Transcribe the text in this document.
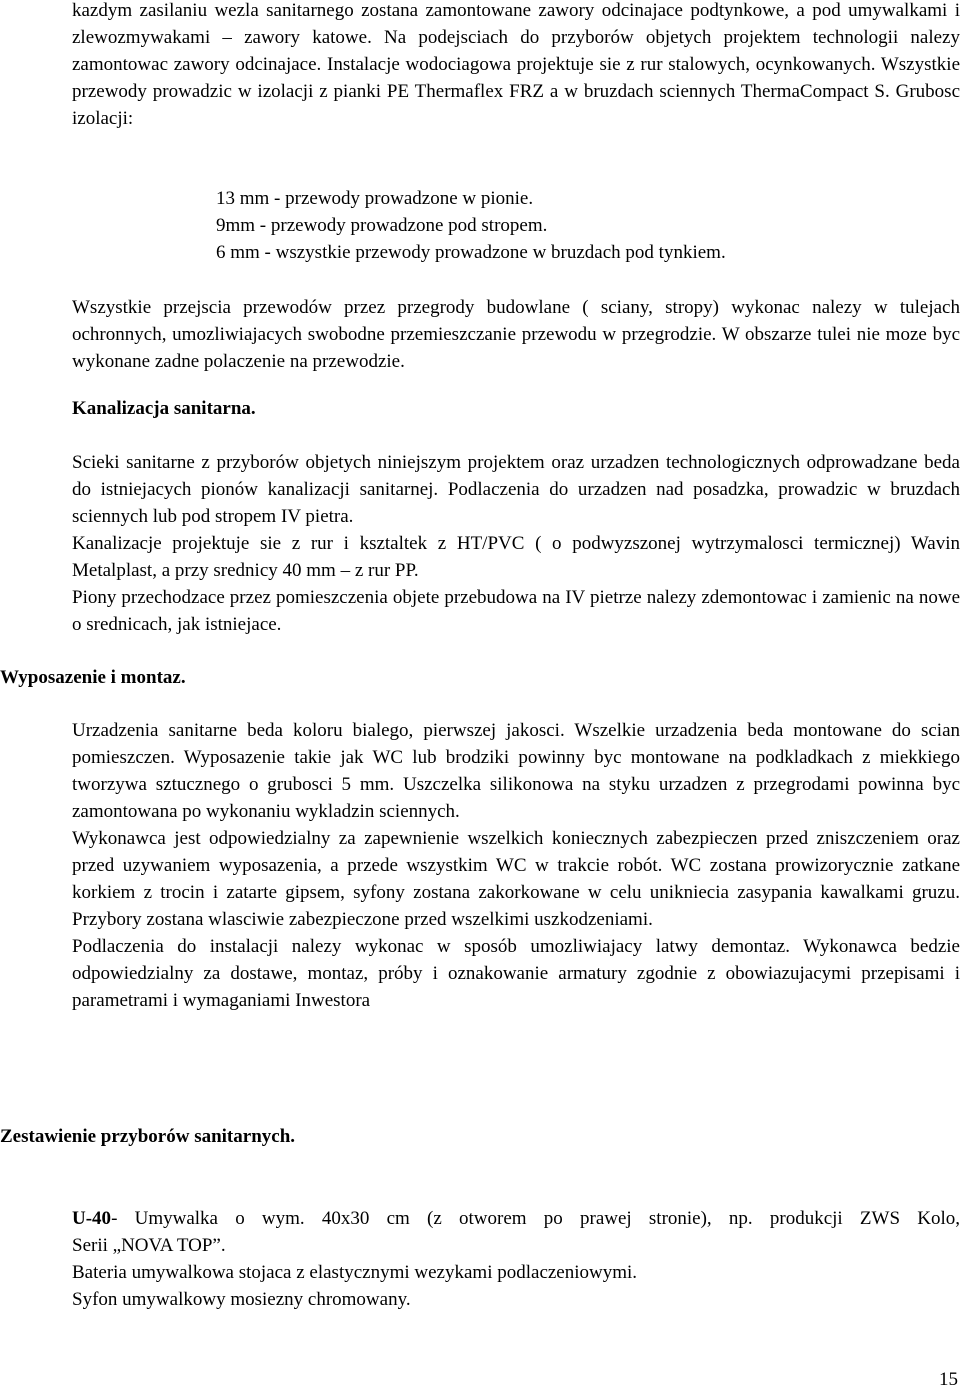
kazdym zasilaniu wezla sanitarnego zostana zamontowane zawory odcinajace podtynkowe, a pod umywalkami i zlewozmywakami – zawory katowe. Na podejsciach do przyborów objetych projektem technologii nalezy zamontowac zawory odcinajace. Instalacje wodociagowa projektuje sie z rur stalowych, ocynkowanych. Wszystkie przewody prowadzic w izolacji z pianki PE Thermaflex FRZ a w bruzdach sciennych ThermaCompact S. Grubosc izolacji:

13 mm - przewody prowadzone w pionie.
9mm - przewody prowadzone pod stropem.
6 mm - wszystkie przewody prowadzone w bruzdach pod tynkiem.

Wszystkie przejscia przewodów przez przegrody budowlane ( sciany, stropy) wykonac nalezy w tulejach ochronnych, umozliwiajacych swobodne przemieszczanie przewodu w przegrodzie. W obszarze tulei nie moze byc wykonane zadne polaczenie na przewodzie.

Kanalizacja sanitarna.

Scieki sanitarne z przyborów objetych niniejszym projektem oraz urzadzen technologicznych odprowadzane beda do istniejacych pionów kanalizacji sanitarnej. Podlaczenia do urzadzen nad posadzka, prowadzic w bruzdach sciennych lub pod stropem IV pietra.

Kanalizacje projektuje sie z rur i ksztaltek z HT/PVC ( o podwyzszonej wytrzymalosci termicznej) Wavin Metalplast, a przy srednicy 40 mm – z rur PP.

Piony przechodzace przez pomieszczenia objete przebudowa na IV pietrze nalezy zdemontowac i zamienic na nowe o srednicach, jak istniejace.

Wyposazenie i montaz.

Urzadzenia sanitarne beda koloru bialego, pierwszej jakosci. Wszelkie urzadzenia beda montowane do scian pomieszczen. Wyposazenie takie jak WC lub brodziki powinny byc montowane na podkladkach z miekkiego tworzywa sztucznego o grubosci 5 mm. Uszczelka silikonowa na styku urzadzen z przegrodami powinna byc zamontowana po wykonaniu wykladzin sciennych.

Wykonawca jest odpowiedzialny za zapewnienie wszelkich koniecznych zabezpieczen przed zniszczeniem oraz przed uzywaniem wyposazenia, a przede wszystkim WC w trakcie robót. WC zostana prowizorycznie zatkane korkiem z trocin i zatarte gipsem, syfony zostana zakorkowane w celu unikniecia zasypania kawalkami gruzu. Przybory zostana wlasciwie zabezpieczone przed wszelkimi uszkodzeniami.

Podlaczenia do instalacji nalezy wykonac w sposób umozliwiajacy latwy demontaz. Wykonawca bedzie odpowiedzialny za dostawe, montaz, próby i oznakowanie armatury zgodnie z obowiazujacymi przepisami i parametrami i wymaganiami Inwestora

Zestawienie przyborów sanitarnych.
U-40- Umywalka o wym. 40x30 cm (z otworem po prawej stronie), np. produkcji ZWS Kolo,
Serii „NOVA TOP”.
Bateria umywalkowa stojaca z elastycznymi wezykami podlaczeniowymi.
Syfon umywalkowy mosiezny chromowany.
15
